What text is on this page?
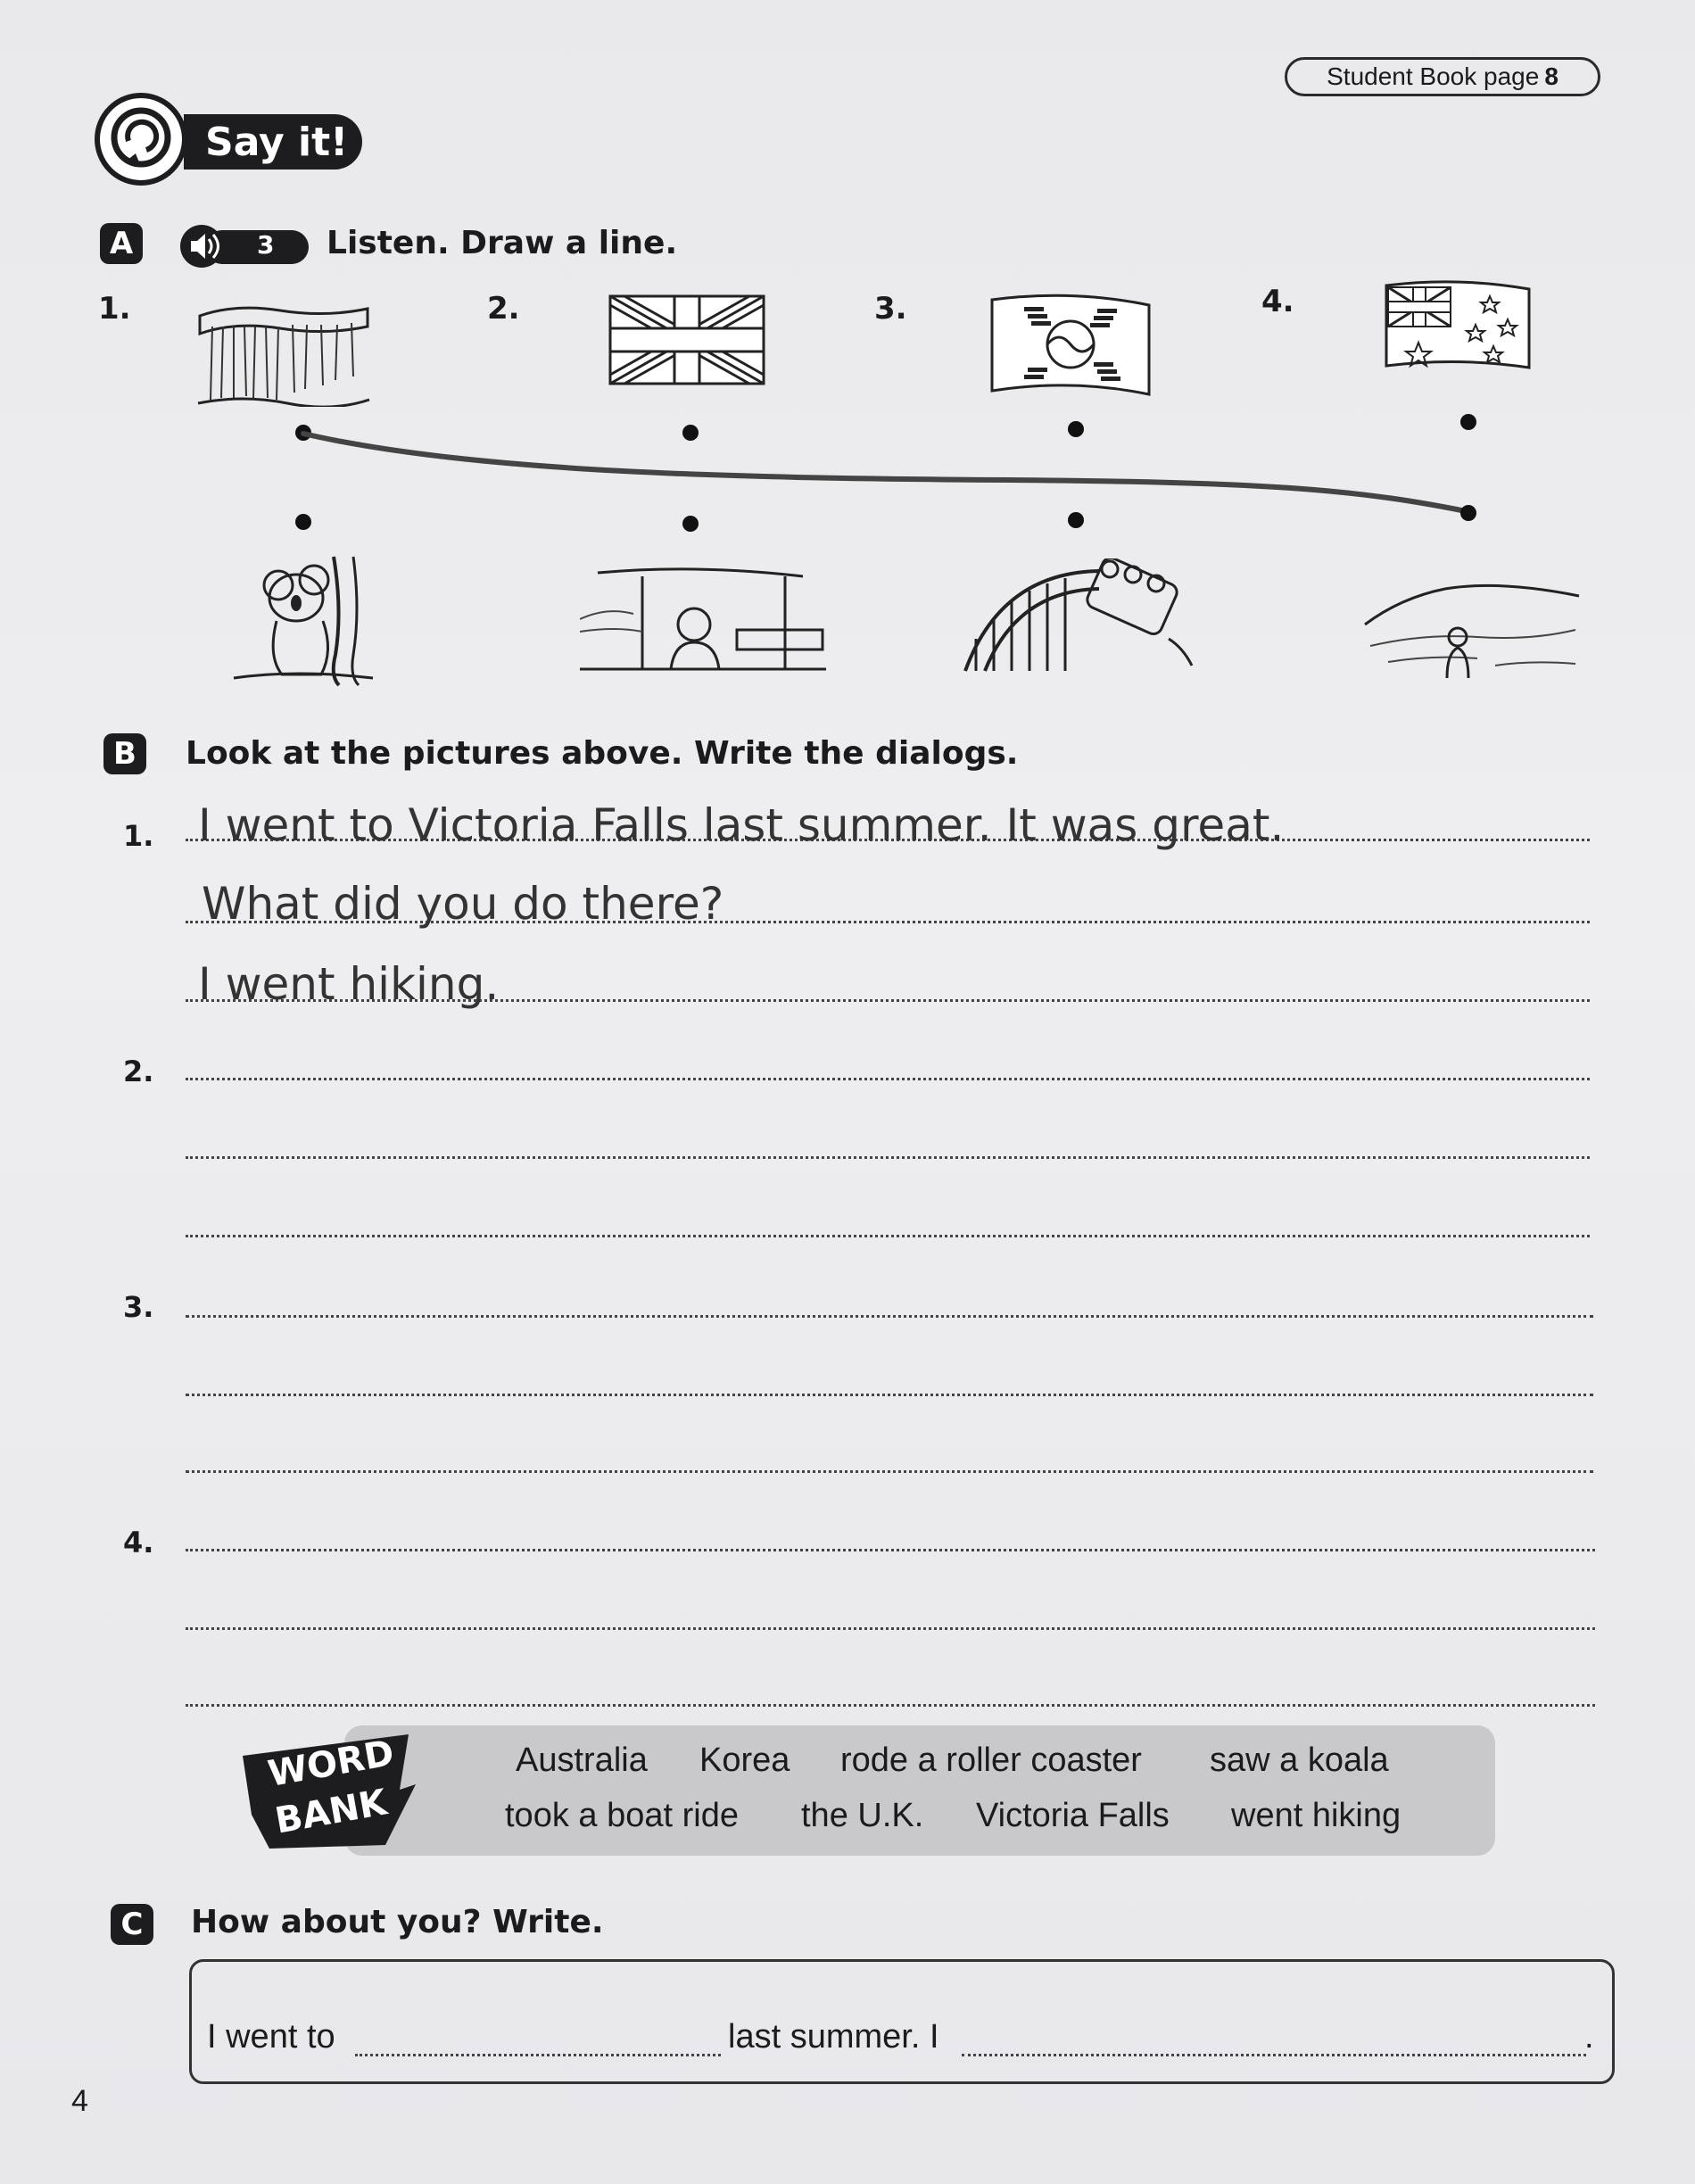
Student Book page 8
Say it!
A	3 Listen. Draw a line.
1.	2.	3.	4.
B	Look at the pictures above. Write the dialogs.
1. I went to Victoria Falls last summer. It was great.
What did you do there?
I went hiking.
2.
3.
4.
WORD
BANK
Australia Korea rode a roller coaster saw a koala
took a boat ride the U.K. Victoria Falls went hiking
C	How about you? Write.
I went to	last summer. I	.
4
